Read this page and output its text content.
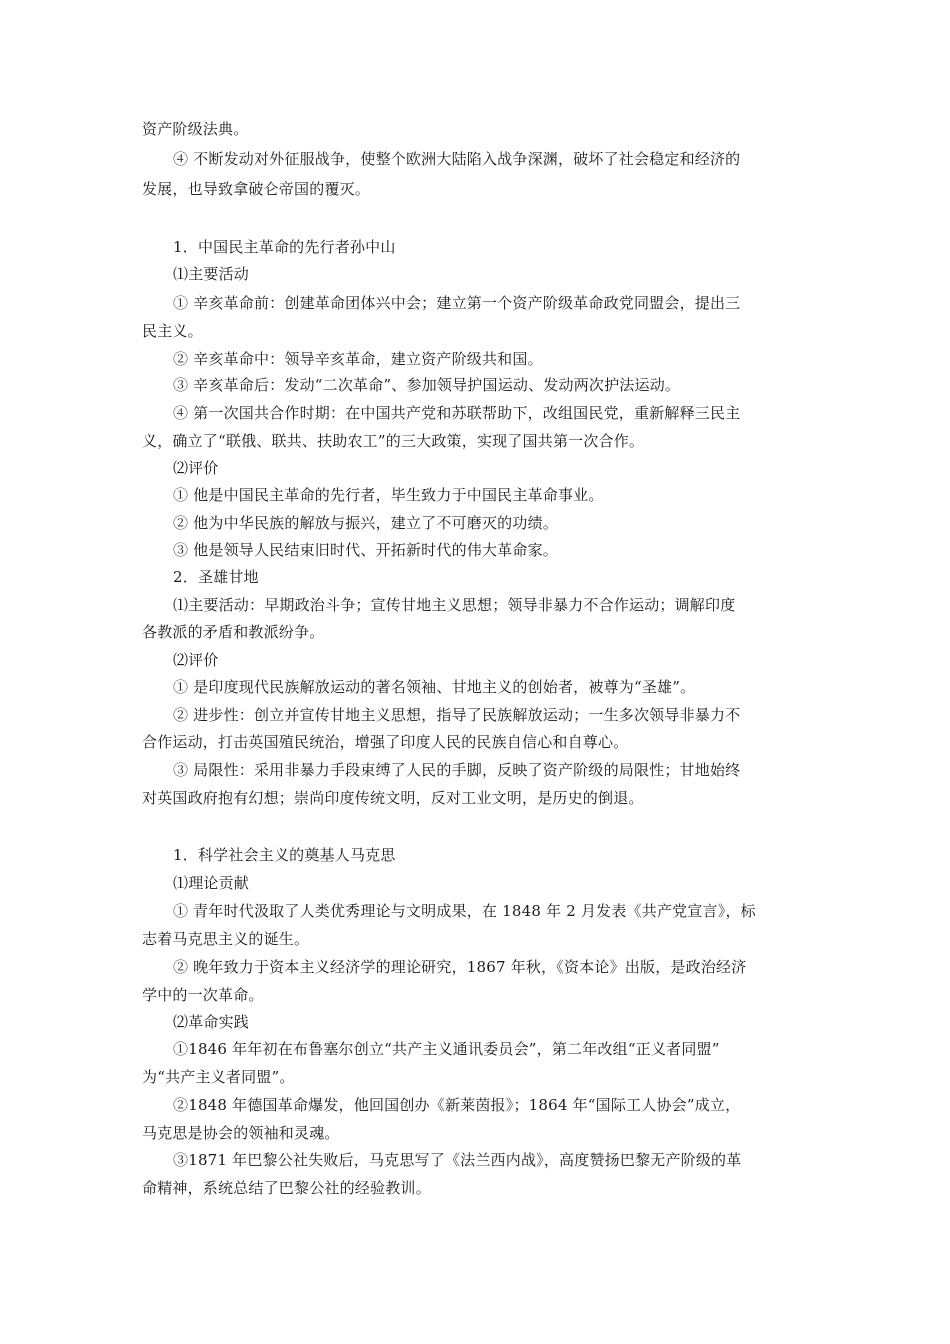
资产阶级法典。
④ 不断发动对外征服战争，使整个欧洲大陆陷入战争深渊，破坏了社会稳定和经济的
发展，也导致拿破仑帝国的覆灭。
1．中国民主革命的先行者孙中山
⑴主要活动
① 辛亥革命前：创建革命团体兴中会；建立第一个资产阶级革命政党同盟会，提出三
民主义。
② 辛亥革命中：领导辛亥革命，建立资产阶级共和国。
③ 辛亥革命后：发动“二次革命”、参加领导护国运动、发动两次护法运动。
④ 第一次国共合作时期：在中国共产党和苏联帮助下，改组国民党，重新解释三民主
义，确立了“联俄、联共、扶助农工”的三大政策，实现了国共第一次合作。
⑵评价
① 他是中国民主革命的先行者，毕生致力于中国民主革命事业。
② 他为中华民族的解放与振兴，建立了不可磨灭的功绩。
③ 他是领导人民结束旧时代、开拓新时代的伟大革命家。
2．圣雄甘地
⑴主要活动：早期政治斗争；宣传甘地主义思想；领导非暴力不合作运动；调解印度
各教派的矛盾和教派纷争。
⑵评价
① 是印度现代民族解放运动的著名领袖、甘地主义的创始者，被尊为“圣雄”。
② 进步性：创立并宣传甘地主义思想，指导了民族解放运动；一生多次领导非暴力不
合作运动，打击英国殖民统治，增强了印度人民的民族自信心和自尊心。
③ 局限性：采用非暴力手段束缚了人民的手脚，反映了资产阶级的局限性；甘地始终
对英国政府抱有幻想；崇尚印度传统文明，反对工业文明，是历史的倒退。
1．科学社会主义的奠基人马克思
⑴理论贡献
① 青年时代汲取了人类优秀理论与文明成果，在 1848 年 2 月发表《共产党宣言》，标
志着马克思主义的诞生。
② 晚年致力于资本主义经济学的理论研究，1867 年秋，《资本论》出版，是政治经济
学中的一次革命。
⑵革命实践
①1846 年年初在布鲁塞尔创立“共产主义通讯委员会”，第二年改组“正义者同盟”
为“共产主义者同盟”。
②1848 年德国革命爆发，他回国创办《新莱茵报》；1864 年“国际工人协会”成立，
马克思是协会的领袖和灵魂。
③1871 年巴黎公社失败后，马克思写了《法兰西内战》，高度赞扬巴黎无产阶级的革
命精神，系统总结了巴黎公社的经验教训。
